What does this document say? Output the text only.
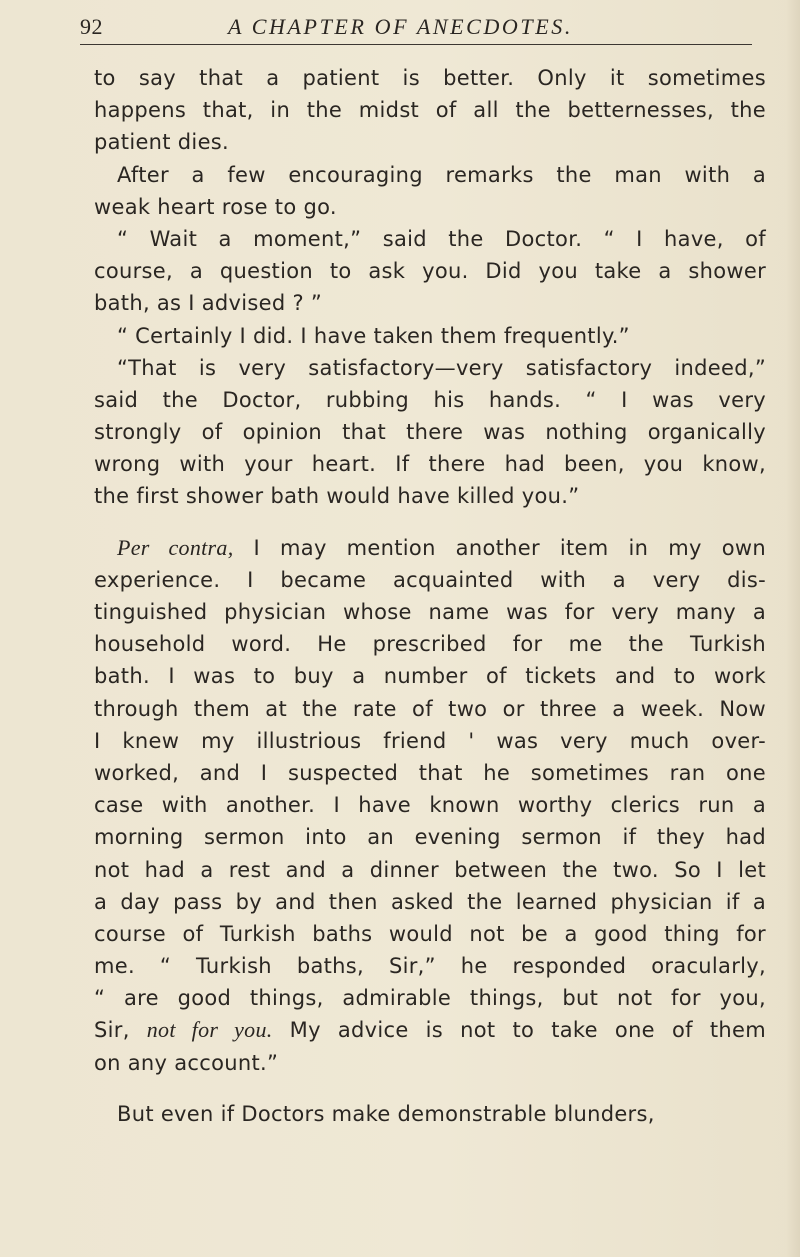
92	A CHAPTER OF ANECDOTES.
to say that a patient is better. Only it sometimes
happens that, in the midst of all the betternesses, the
patient dies.
After a few encouraging remarks the man with a
weak heart rose to go.
“ Wait a moment,” said the Doctor. “ I have, of
course, a question to ask you. Did you take a shower
bath, as I advised ? ”
“ Certainly I did. I have taken them frequently.”
“That is very satisfactory—very satisfactory indeed,”
said the Doctor, rubbing his hands. “ I was very
strongly of opinion that there was nothing organically
wrong with your heart. If there had been, you know,
the first shower bath would have killed you.”
Per contra, I may mention another item in my own
experience. I became acquainted with a very dis-
tinguished physician whose name was for very many a
household word. He prescribed for me the Turkish
bath. I was to buy a number of tickets and to work
through them at the rate of two or three a week. Now
I knew my illustrious friend ' was very much over-
worked, and I suspected that he sometimes ran one
case with another. I have known worthy clerics run a
morning sermon into an evening sermon if they had
not had a rest and a dinner between the two. So I let
a day pass by and then asked the learned physician if a
course of Turkish baths would not be a good thing for
me. “ Turkish baths, Sir,” he responded oracularly,
“ are good things, admirable things, but not for you,
Sir, not for you. My advice is not to take one of them
on any account.”
But even if Doctors make demonstrable blunders,
